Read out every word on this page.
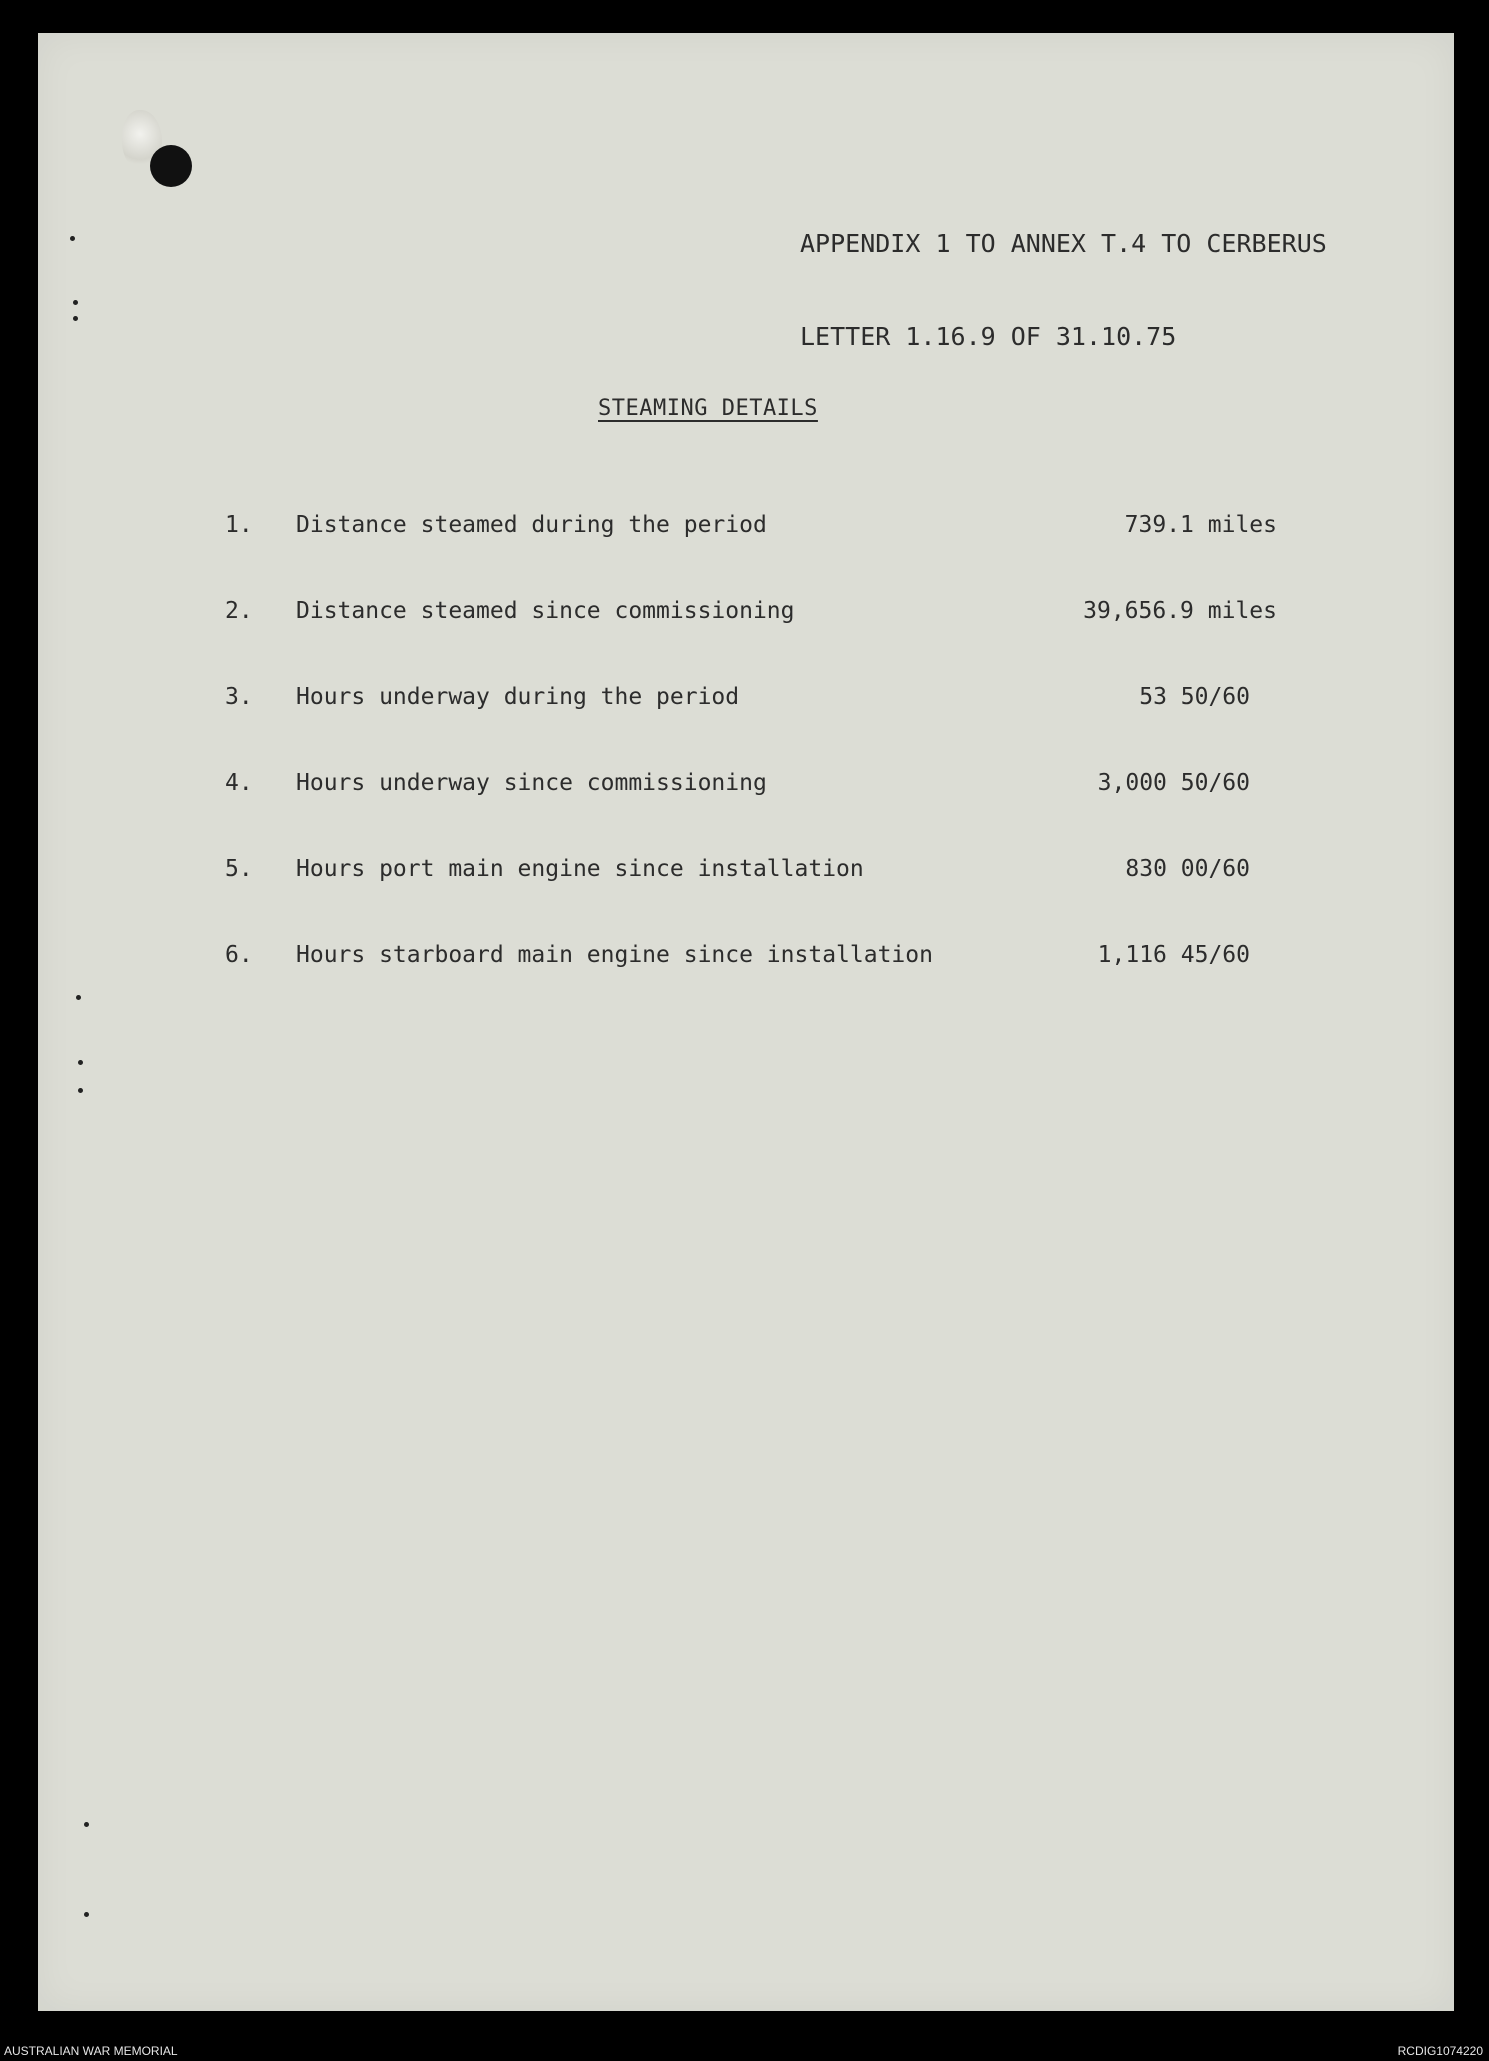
APPENDIX 1 TO ANNEX T.4 TO CERBERUS

LETTER 1.16.9 OF 31.10.75

STEAMING DETAILS
1. Distance steamed during the period	739.1 miles
2. Distance steamed since commissioning	39,656.9 miles
3. Hours underway during the period	53 50/60
4. Hours underway since commissioning	3,000 50/60
5. Hours port main engine since installation	830 00/60
6. Hours starboard main engine since installation	1,116 45/60
AUSTRALIAN WAR MEMORIAL	RCDIG1074220
